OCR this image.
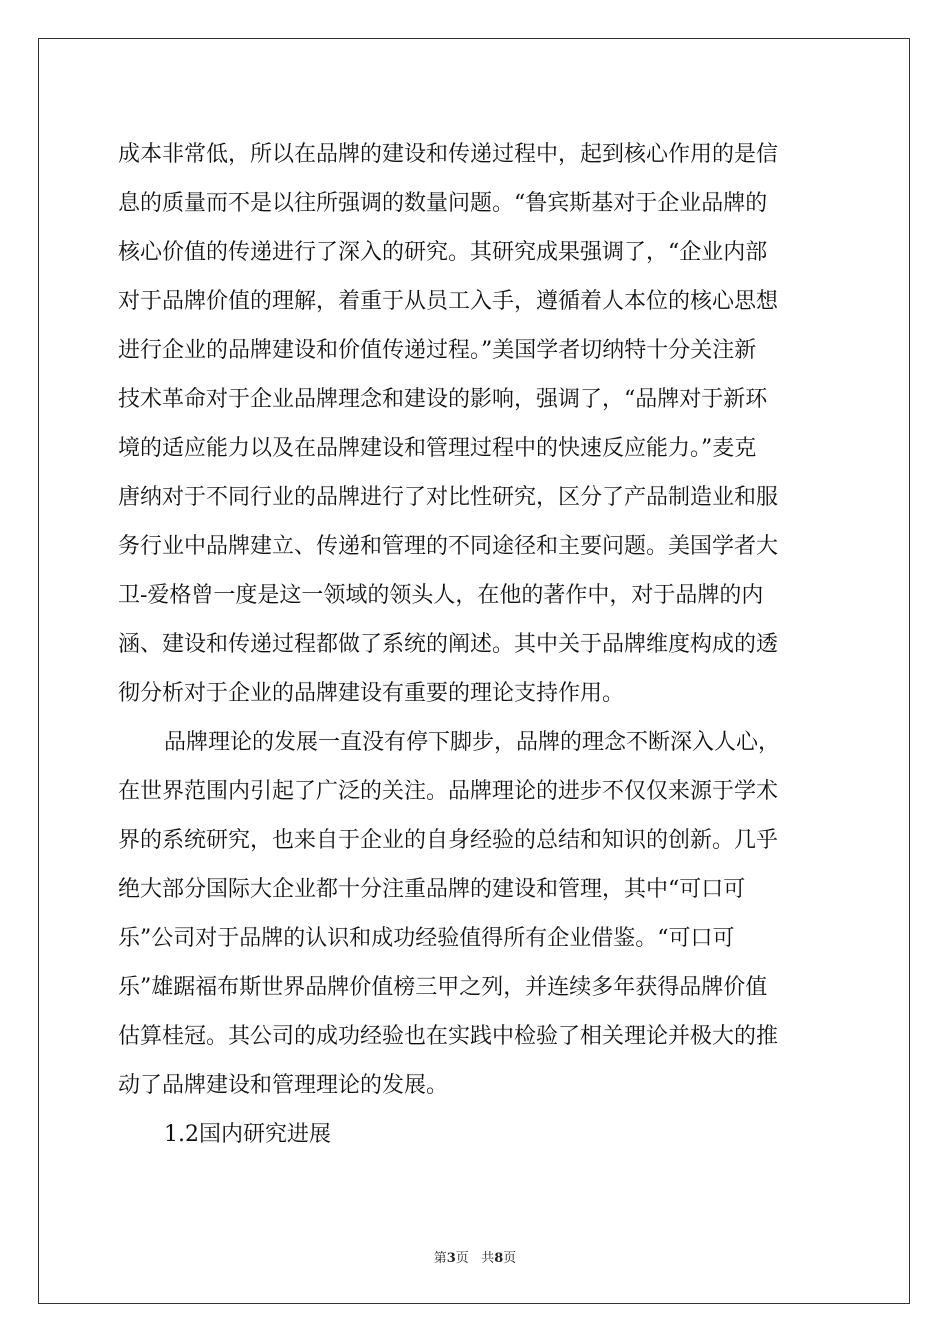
成本非常低，所以在品牌的建设和传递过程中，起到核心作用的是信
息的质量而不是以往所强调的数量问题。“鲁宾斯基对于企业品牌的
核心价值的传递进行了深入的研究。其研究成果强调了，“企业内部
对于品牌价值的理解，着重于从员工入手，遵循着人本位的核心思想
进行企业的品牌建设和价值传递过程。”美国学者切纳特十分关注新
技术革命对于企业品牌理念和建设的影响，强调了，“品牌对于新环
境的适应能力以及在品牌建设和管理过程中的快速反应能力。”麦克
唐纳对于不同行业的品牌进行了对比性研究，区分了产品制造业和服
务行业中品牌建立、传递和管理的不同途径和主要问题。美国学者大
卫-爱格曾一度是这一领域的领头人，在他的著作中，对于品牌的内
涵、建设和传递过程都做了系统的阐述。其中关于品牌维度构成的透
彻分析对于企业的品牌建设有重要的理论支持作用。
品牌理论的发展一直没有停下脚步，品牌的理念不断深入人心，
在世界范围内引起了广泛的关注。品牌理论的进步不仅仅来源于学术
界的系统研究，也来自于企业的自身经验的总结和知识的创新。几乎
绝大部分国际大企业都十分注重品牌的建设和管理，其中“可口可
乐”公司对于品牌的认识和成功经验值得所有企业借鉴。“可口可
乐”雄踞福布斯世界品牌价值榜三甲之列，并连续多年获得品牌价值
估算桂冠。其公司的成功经验也在实践中检验了相关理论并极大的推
动了品牌建设和管理理论的发展。
1.2国内研究进展
第3页 共8页
